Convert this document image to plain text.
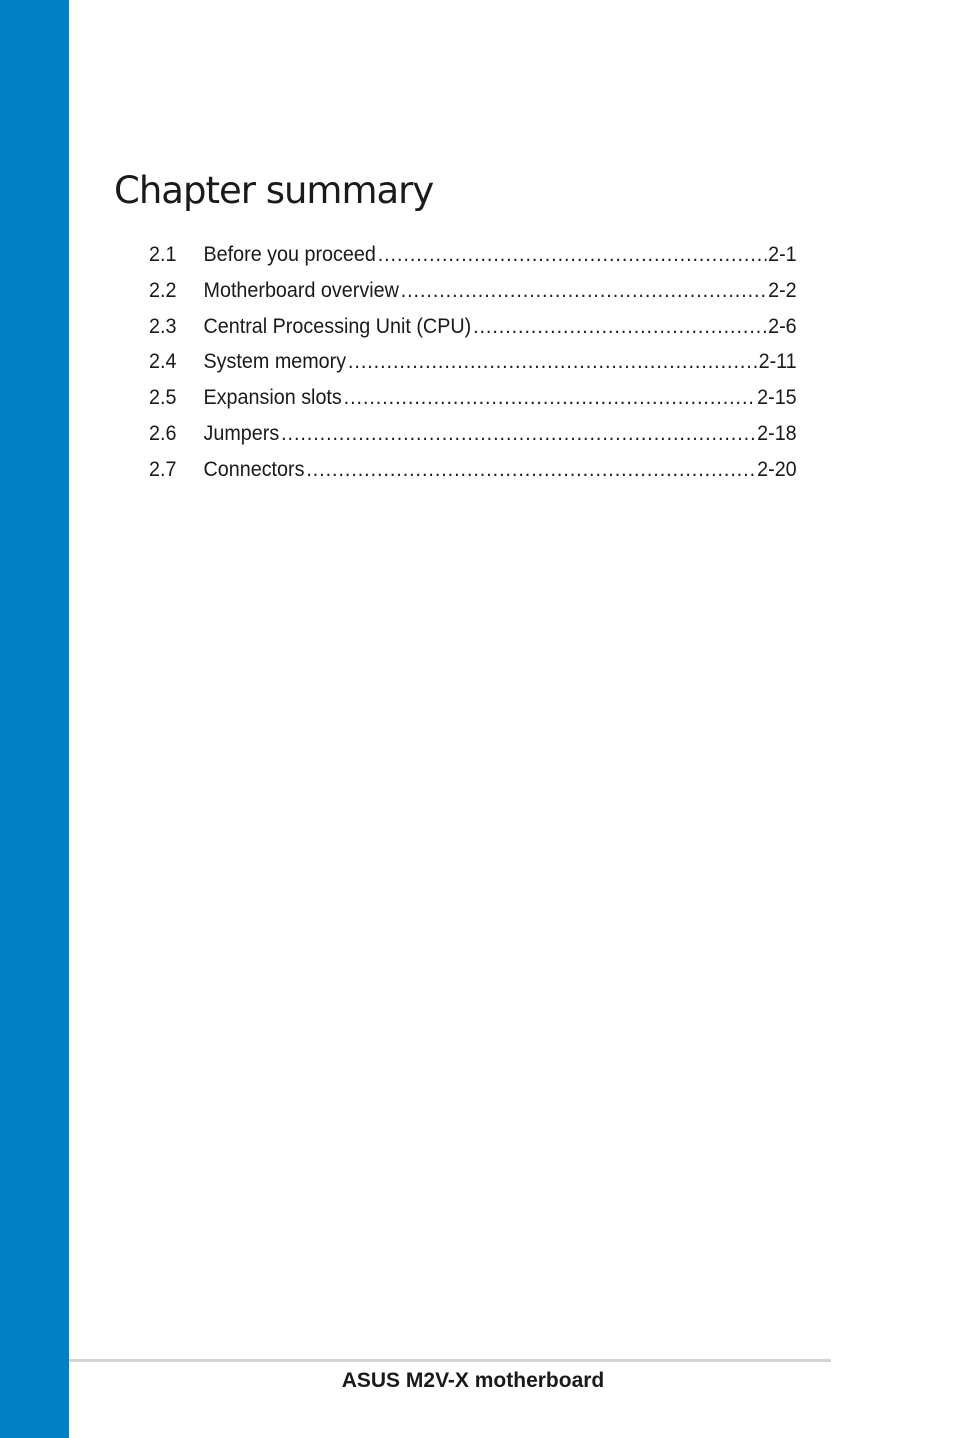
Chapter summary
2.1	Before you proceed .....	2-1
2.2	Motherboard overview .....	2-2
2.3	Central Processing Unit (CPU) .....	2-6
2.4	System memory .....	2-11
2.5	Expansion slots .....	2-15
2.6	Jumpers .....	2-18
2.7	Connectors .....	2-20
ASUS M2V-X motherboard
